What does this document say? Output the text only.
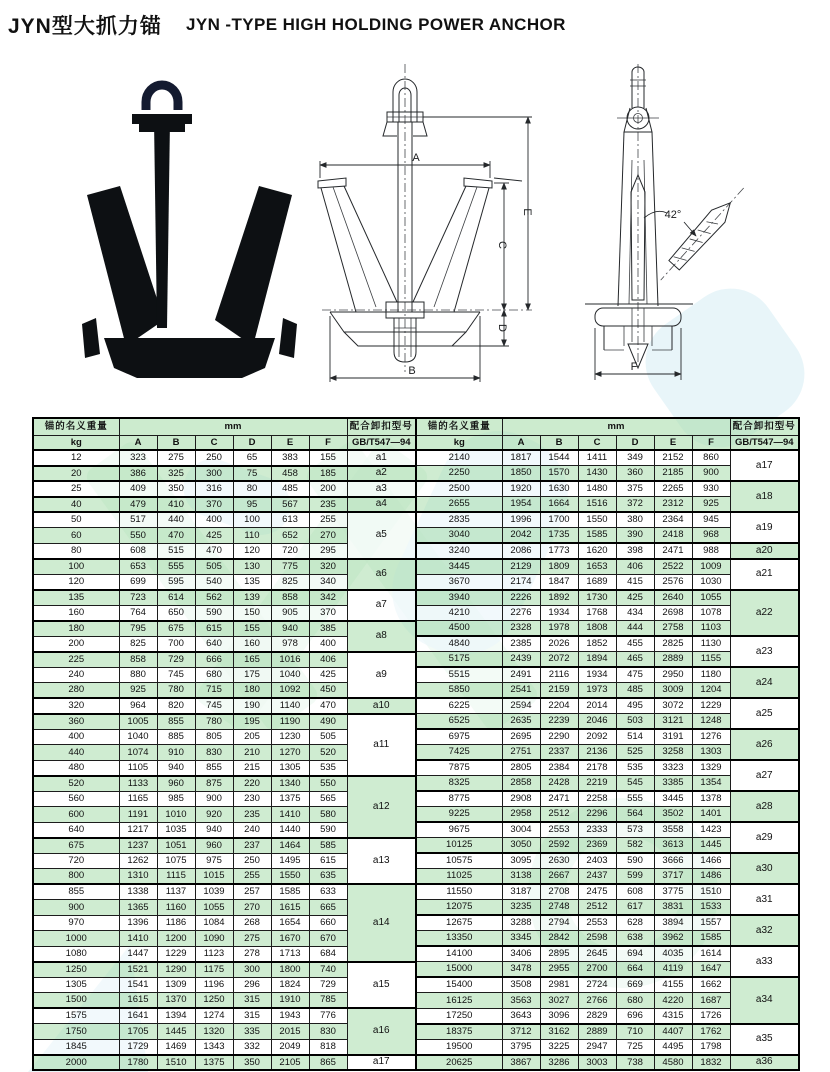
JYN型大抓力锚 JYN -TYPE HIGH HOLDING POWER ANCHOR
A
B
E
C
D
42°
F
锚的名义重量	mm						配合卸扣型号
kg	A	B	C	D	E	F	GB/T547—94
12	323	275	250	65	383	155	a1
20	386	325	300	75	458	185	a2
25	409	350	316	80	485	200	a3
40	479	410	370	95	567	235	a4
50	517	440	400	100	613	255	a5
60	550	470	425	110	652	270	
80	608	515	470	120	720	295	
100	653	555	505	130	775	320	a6
120	699	595	540	135	825	340	
135	723	614	562	139	858	342	a7
160	764	650	590	150	905	370	
180	795	675	615	155	940	385	a8
200	825	700	640	160	978	400	
225	858	729	666	165	1016	406	a9
240	880	745	680	175	1040	425	
280	925	780	715	180	1092	450	
320	964	820	745	190	1140	470	a10
360	1005	855	780	195	1190	490	a11
400	1040	885	805	205	1230	505	
440	1074	910	830	210	1270	520	
480	1105	940	855	215	1305	535	
520	1133	960	875	220	1340	550	a12
560	1165	985	900	230	1375	565	
600	1191	1010	920	235	1410	580	
640	1217	1035	940	240	1440	590	
675	1237	1051	960	237	1464	585	a13
720	1262	1075	975	250	1495	615	
800	1310	1115	1015	255	1550	635	
855	1338	1137	1039	257	1585	633	a14
900	1365	1160	1055	270	1615	665	
970	1396	1186	1084	268	1654	660	
1000	1410	1200	1090	275	1670	670	
1080	1447	1229	1123	278	1713	684	
1250	1521	1290	1175	300	1800	740	a15
1305	1541	1309	1196	296	1824	729	
1500	1615	1370	1250	315	1910	785	
1575	1641	1394	1274	315	1943	776	a16
1750	1705	1445	1320	335	2015	830	
1845	1729	1469	1343	332	2049	818	
2000	1780	1510	1375	350	2105	865	a17
锚的名义重量	mm						配合卸扣型号
kg	A	B	C	D	E	F	GB/T547—94
2140	1817	1544	1411	349	2152	860	a17
2250	1850	1570	1430	360	2185	900	
2500	1920	1630	1480	375	2265	930	a18
2655	1954	1664	1516	372	2312	925	
2835	1996	1700	1550	380	2364	945	a19
3040	2042	1735	1585	390	2418	968	
3240	2086	1773	1620	398	2471	988	a20
3445	2129	1809	1653	406	2522	1009	a21
3670	2174	1847	1689	415	2576	1030	
3940	2226	1892	1730	425	2640	1055	a22
4210	2276	1934	1768	434	2698	1078	
4500	2328	1978	1808	444	2758	1103	
4840	2385	2026	1852	455	2825	1130	a23
5175	2439	2072	1894	465	2889	1155	
5515	2491	2116	1934	475	2950	1180	a24
5850	2541	2159	1973	485	3009	1204	
6225	2594	2204	2014	495	3072	1229	a25
6525	2635	2239	2046	503	3121	1248	
6975	2695	2290	2092	514	3191	1276	a26
7425	2751	2337	2136	525	3258	1303	
7875	2805	2384	2178	535	3323	1329	a27
8325	2858	2428	2219	545	3385	1354	
8775	2908	2471	2258	555	3445	1378	a28
9225	2958	2512	2296	564	3502	1401	
9675	3004	2553	2333	573	3558	1423	a29
10125	3050	2592	2369	582	3613	1445	
10575	3095	2630	2403	590	3666	1466	a30
11025	3138	2667	2437	599	3717	1486	
11550	3187	2708	2475	608	3775	1510	a31
12075	3235	2748	2512	617	3831	1533	
12675	3288	2794	2553	628	3894	1557	a32
13350	3345	2842	2598	638	3962	1585	
14100	3406	2895	2645	694	4035	1614	a33
15000	3478	2955	2700	664	4119	1647	
15400	3508	2981	2724	669	4155	1662	a34
16125	3563	3027	2766	680	4220	1687	
17250	3643	3096	2829	696	4315	1726	
18375	3712	3162	2889	710	4407	1762	a35
19500	3795	3225	2947	725	4495	1798	
20625	3867	3286	3003	738	4580	1832	a36
